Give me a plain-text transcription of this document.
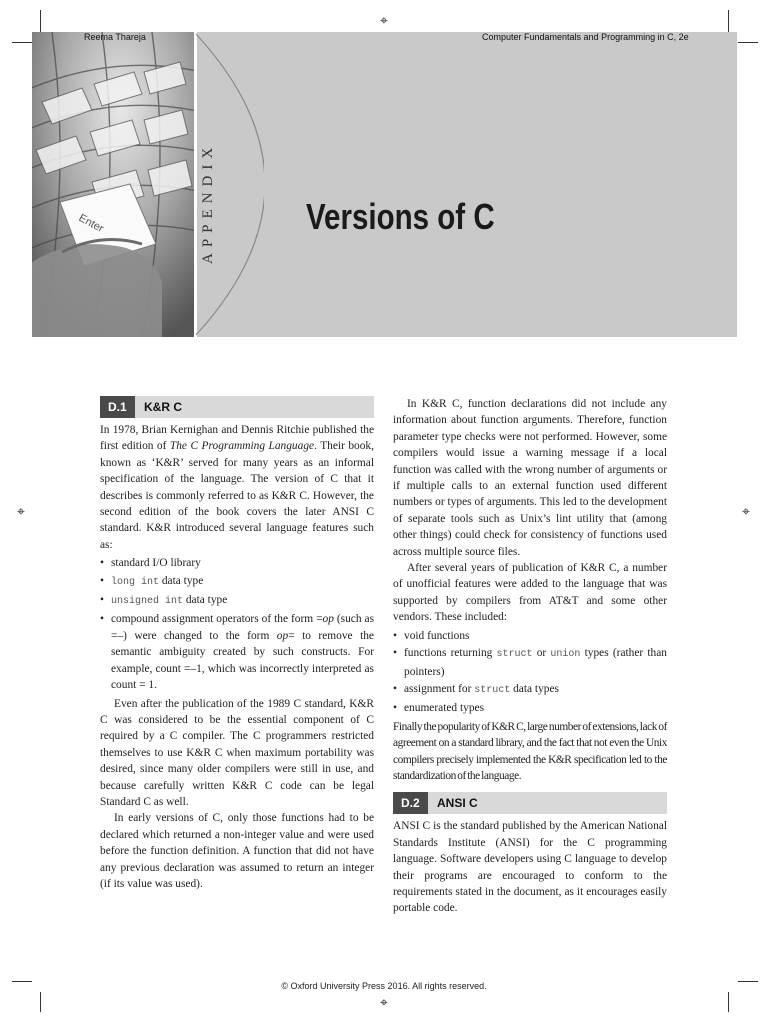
⌖
⌖	⌖
⌖
Enter
Reema Thareja	Computer Fundamentals and Programming in C, 2e
APPENDIX	Versions of C
D.1	K&R C

In 1978, Brian Kernighan and Dennis Ritchie published the first edition of The C Programming Language. Their book, known as ‘K&R’ served for many years as an informal specification of the language. The version of C that it describes is commonly referred to as K&R C. However, the second edition of the book covers the later ANSI C standard. K&R introduced several language features such as:

• standard I/O library
• long int data type
• unsigned int data type
• compound assignment operators of the form =op (such as =–) were changed to the form op= to remove the semantic ambiguity created by such constructs. For example, count =–1, which was incorrectly interpreted as count = 1.

Even after the publication of the 1989 C standard, K&R C was considered to be the essential component of C required by a C compiler. The C programmers restricted themselves to use K&R C when maximum portability was desired, since many older compilers were still in use, and because carefully written K&R C code can be legal Standard C as well.

In early versions of C, only those functions had to be declared which returned a non-integer value and were used before the function definition. A function that did not have any previous declaration was assumed to return an integer (if its value was used).

In K&R C, function declarations did not include any information about function arguments. Therefore, function parameter type checks were not performed. However, some compilers would issue a warning message if a local function was called with the wrong number of arguments or if multiple calls to an external function used different numbers or types of arguments. This led to the development of separate tools such as Unix’s lint utility that (among other things) could check for consistency of functions used across multiple source files.

After several years of publication of K&R C, a number of unofficial features were added to the language that was supported by compilers from AT&T and some other vendors. These included:

• void functions
• functions returning struct or union types (rather than pointers)
• assignment for struct data types
• enumerated types

Finally the popularity of K&R C, large number of extensions, lack of agreement on a standard library, and the fact that not even the Unix compilers precisely implemented the K&R specification led to the standardization of the language.

D.2	ANSI C

ANSI C is the standard published by the American National Standards Institute (ANSI) for the C programming language. Software developers using C language to develop their programs are encouraged to conform to the requirements stated in the document, as it encourages easily portable code.

© Oxford University Press 2016. All rights reserved.
